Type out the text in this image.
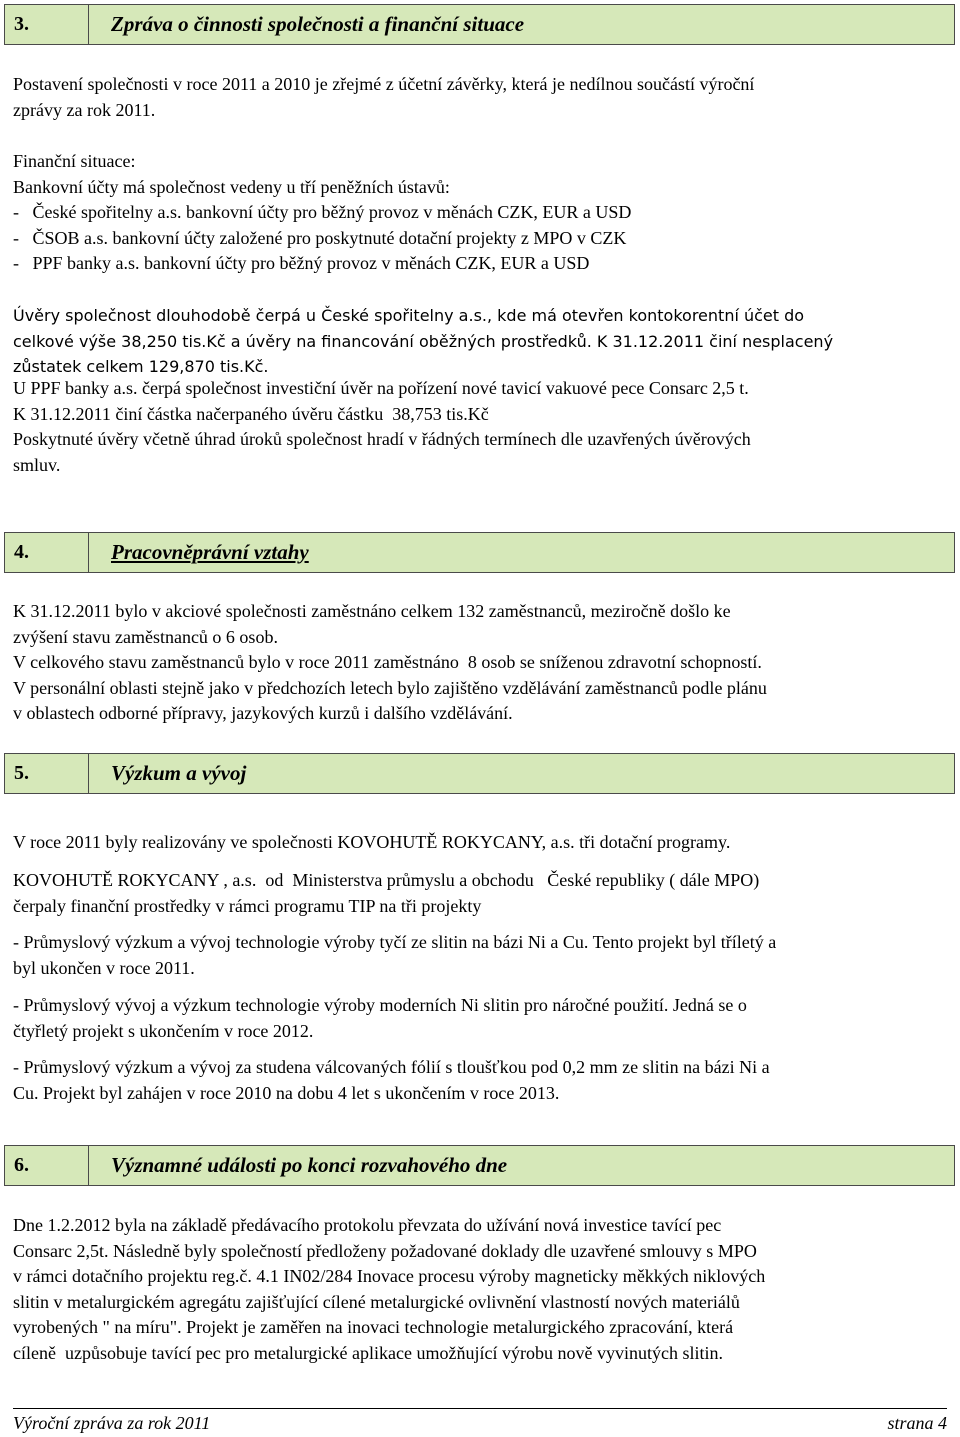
3.	Zpráva o činnosti společnosti a finanční situace
Postavení společnosti v roce 2011 a 2010 je zřejmé z účetní závěrky, která je nedílnou součástí výroční
zprávy za rok 2011.
Finanční situace:
Bankovní účty má společnost vedeny u tří peněžních ústavů:
-   České spořitelny a.s. bankovní účty pro běžný provoz v měnách CZK, EUR a USD
-   ČSOB a.s. bankovní účty založené pro poskytnuté dotační projekty z MPO v CZK
-   PPF banky a.s. bankovní účty pro běžný provoz v měnách CZK, EUR a USD
Úvěry společnost dlouhodobě čerpá u České spořitelny a.s., kde má otevřen kontokorentní účet do
celkové výše 38,250 tis.Kč a úvěry na financování oběžných prostředků. K 31.12.2011 činí nesplacený
zůstatek celkem 129,870 tis.Kč.
U PPF banky a.s. čerpá společnost investiční úvěr na pořízení nové tavicí vakuové pece Consarc 2,5 t.
K 31.12.2011 činí částka načerpaného úvěru částku  38,753 tis.Kč
Poskytnuté úvěry včetně úhrad úroků společnost hradí v řádných termínech dle uzavřených úvěrových
smluv.
4.	Pracovněprávní vztahy
K 31.12.2011 bylo v akciové společnosti zaměstnáno celkem 132 zaměstnanců, meziročně došlo ke
zvýšení stavu zaměstnanců o 6 osob.
V celkového stavu zaměstnanců bylo v roce 2011 zaměstnáno  8 osob se sníženou zdravotní schopností.
V personální oblasti stejně jako v předchozích letech bylo zajištěno vzdělávání zaměstnanců podle plánu
v oblastech odborné přípravy, jazykových kurzů i dalšího vzdělávání.
5.	Výzkum a vývoj
V roce 2011 byly realizovány ve společnosti KOVOHUTĚ ROKYCANY, a.s. tři dotační programy.
KOVOHUTĚ ROKYCANY , a.s.  od  Ministerstva průmyslu a obchodu   České republiky ( dále MPO)
čerpaly finanční prostředky v rámci programu TIP na tři projekty
- Průmyslový výzkum a vývoj technologie výroby tyčí ze slitin na bázi Ni a Cu. Tento projekt byl tříletý a
byl ukončen v roce 2011.
- Průmyslový vývoj a výzkum technologie výroby moderních Ni slitin pro náročné použití. Jedná se o
čtyřletý projekt s ukončením v roce 2012.
- Průmyslový výzkum a vývoj za studena válcovaných fólií s tloušťkou pod 0,2 mm ze slitin na bázi Ni a
Cu. Projekt byl zahájen v roce 2010 na dobu 4 let s ukončením v roce 2013.
6.	Významné události po konci rozvahového dne
Dne 1.2.2012 byla na základě předávacího protokolu převzata do užívání nová investice tavící pec
Consarc 2,5t. Následně byly společností předloženy požadované doklady dle uzavřené smlouvy s MPO
v rámci dotačního projektu reg.č. 4.1 IN02/284 Inovace procesu výroby magneticky měkkých niklových
slitin v metalurgickém agregátu zajišťující cílené metalurgické ovlivnění vlastností nových materiálů
vyrobených " na míru". Projekt je zaměřen na inovaci technologie metalurgického zpracování, která
cíleně  uzpůsobuje tavící pec pro metalurgické aplikace umožňující výrobu nově vyvinutých slitin.
Výroční zpráva za rok 2011	strana 4
